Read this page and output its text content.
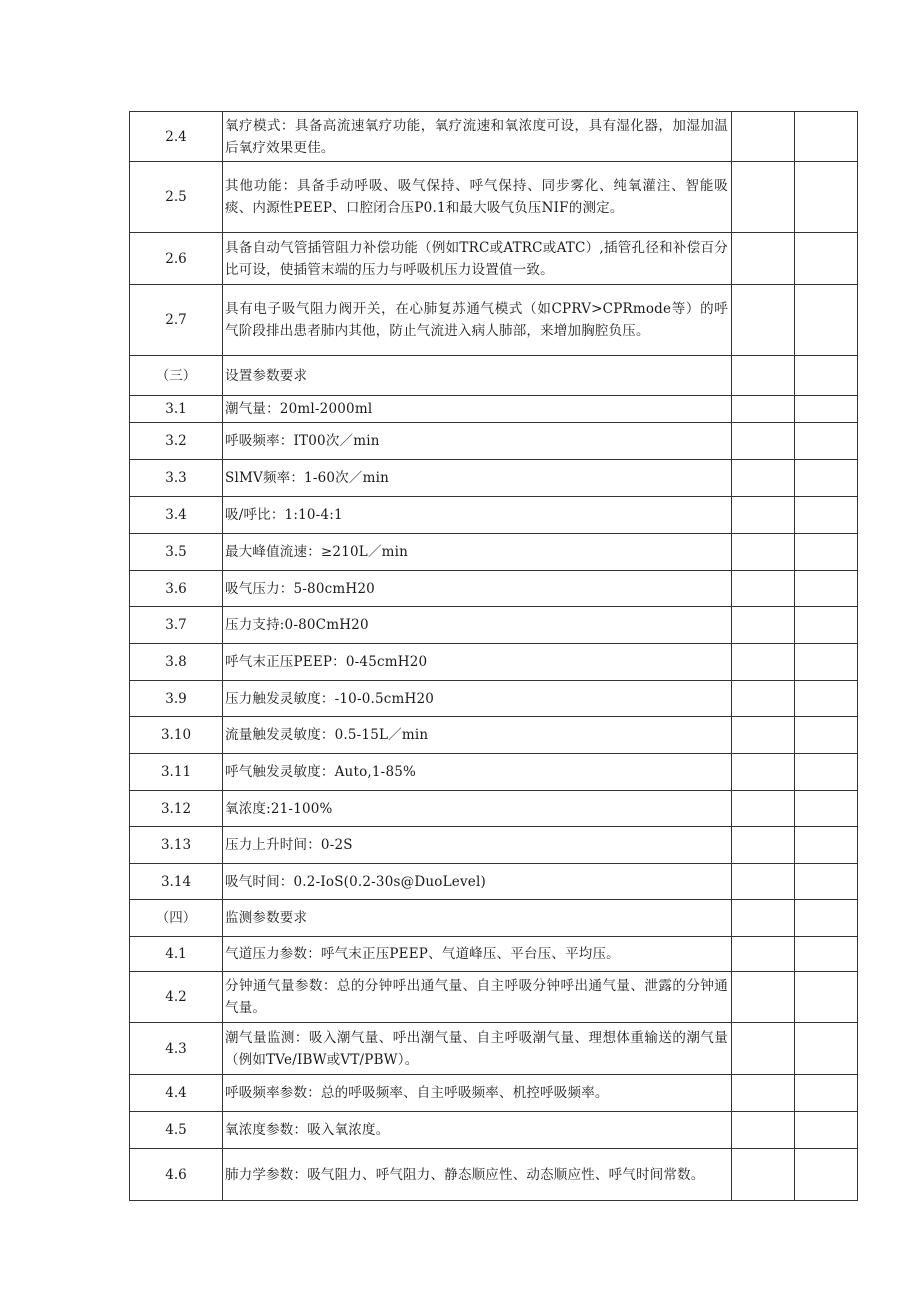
2.4	氧疗模式：具备高流速氧疗功能，氧疗流速和氧浓度可设，具有湿化器，加湿加温后氧疗效果更佳。		
2.5	其他功能：具备手动呼吸、吸气保持、呼气保持、同步雾化、纯氧灌注、智能吸痰、内源性PEEP、口腔闭合压P0.1和最大吸气负压NIF的测定。		
2.6	具备自动气管插管阻力补偿功能（例如TRC或ATRC或ATC）,插管孔径和补偿百分比可设，使插管末端的压力与呼吸机压力设置值一致。		
2.7	具有电子吸气阻力阀开关，在心肺复苏通气模式（如CPRV>CPRmode等）的呼气阶段排出患者肺内其他，防止气流进入病人肺部，来增加胸腔负压。		
（三）	设置参数要求		
3.1	潮气量：20ml-2000ml		
3.2	呼吸频率：IT00次／min		
3.3	SlMV频率：1-60次／min		
3.4	吸/呼比：1:10-4:1		
3.5	最大峰值流速：≥210L／min		
3.6	吸气压力：5-80cmH20		
3.7	压力支持:0-80CmH20		
3.8	呼气末正压PEEP：0-45cmH20		
3.9	压力触发灵敏度：-10-0.5cmH20		
3.10	流量触发灵敏度：0.5-15L／min		
3.11	呼气触发灵敏度：Auto,1-85%		
3.12	氧浓度:21-100%		
3.13	压力上升时间：0-2S		
3.14	吸气时间：0.2-IoS(0.2-30s@DuoLevel)		
（四）	监测参数要求		
4.1	气道压力参数：呼气末正压PEEP、气道峰压、平台压、平均压。		
4.2	分钟通气量参数：总的分钟呼出通气量、自主呼吸分钟呼出通气量、泄露的分钟通气量。		
4.3	潮气量监测：吸入潮气量、呼出潮气量、自主呼吸潮气量、理想体重输送的潮气量（例如TVe/IBW或VT/PBW）。		
4.4	呼吸频率参数：总的呼吸频率、自主呼吸频率、机控呼吸频率。		
4.5	氧浓度参数：吸入氧浓度。		
4.6	肺力学参数：吸气阻力、呼气阻力、静态顺应性、动态顺应性、呼气时间常数。		
